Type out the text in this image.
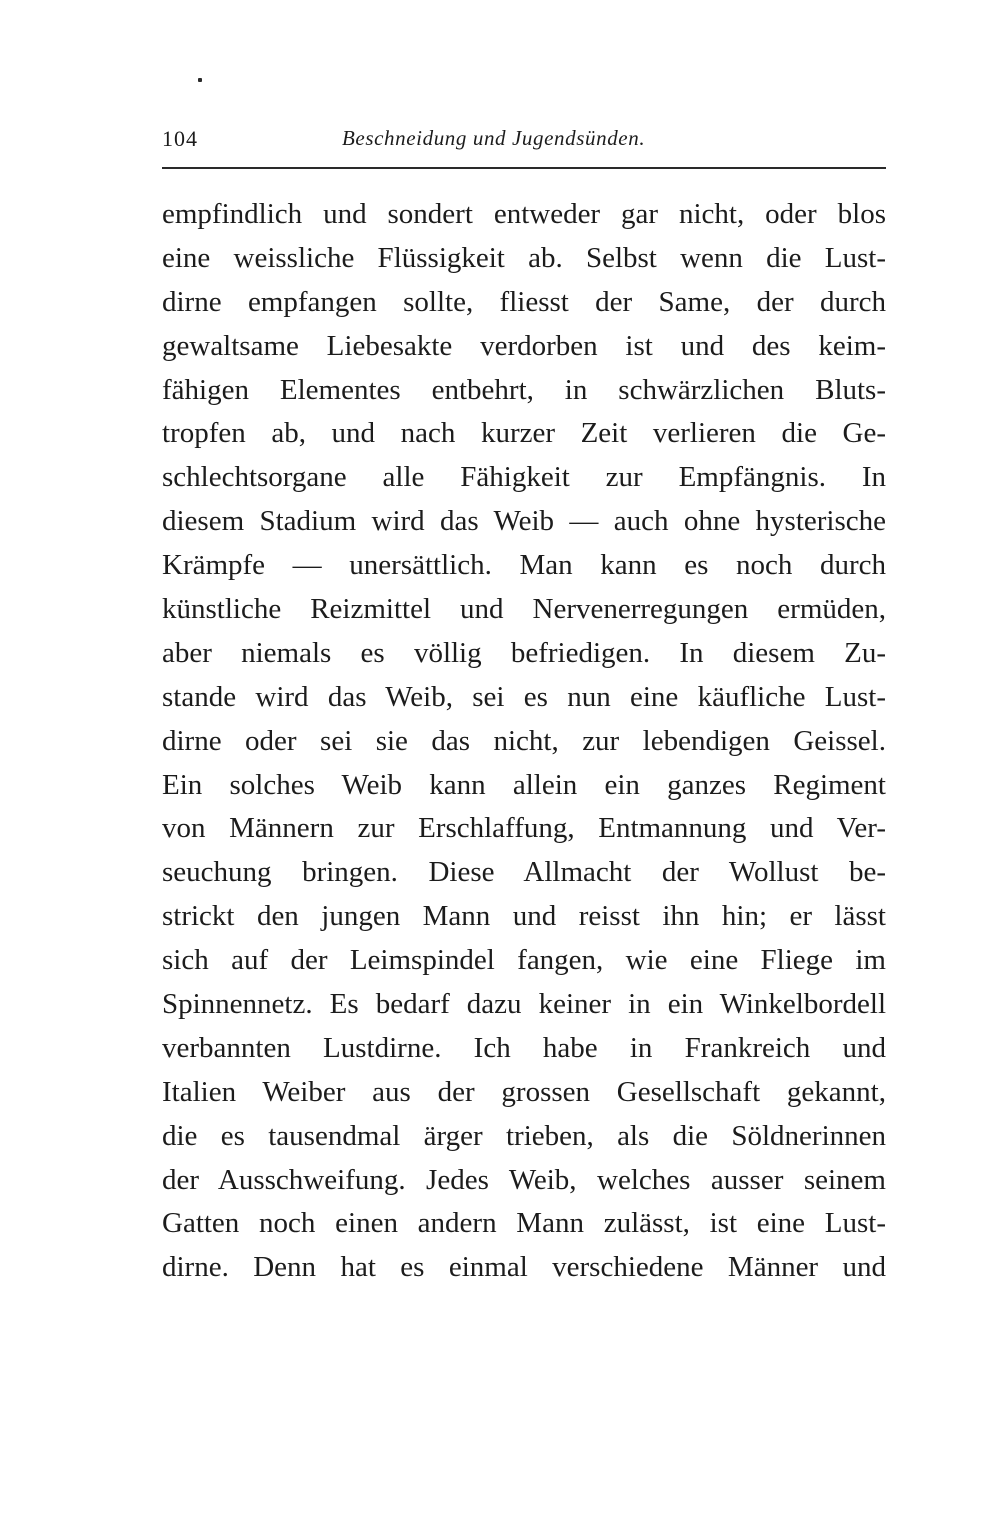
104	Beschneidung und Jugendsünden.
empfindlich und sondert entweder gar nicht, oder blos
eine weissliche Flüssigkeit ab. Selbst wenn die Lust-
dirne empfangen sollte, fliesst der Same, der durch
gewaltsame Liebesakte verdorben ist und des keim-
fähigen Elementes entbehrt, in schwärzlichen Bluts-
tropfen ab, und nach kurzer Zeit verlieren die Ge-
schlechtsorgane alle Fähigkeit zur Empfängnis. In
diesem Stadium wird das Weib — auch ohne hysterische
Krämpfe — unersättlich. Man kann es noch durch
künstliche Reizmittel und Nervenerregungen ermüden,
aber niemals es völlig befriedigen. In diesem Zu-
stande wird das Weib, sei es nun eine käufliche Lust-
dirne oder sei sie das nicht, zur lebendigen Geissel.
Ein solches Weib kann allein ein ganzes Regiment
von Männern zur Erschlaffung, Entmannung und Ver-
seuchung bringen. Diese Allmacht der Wollust be-
strickt den jungen Mann und reisst ihn hin; er lässt
sich auf der Leimspindel fangen, wie eine Fliege im
Spinnennetz. Es bedarf dazu keiner in ein Winkelbordell
verbannten Lustdirne. Ich habe in Frankreich und
Italien Weiber aus der grossen Gesellschaft gekannt,
die es tausendmal ärger trieben, als die Söldnerinnen
der Ausschweifung. Jedes Weib, welches ausser seinem
Gatten noch einen andern Mann zulässt, ist eine Lust-
dirne. Denn hat es einmal verschiedene Männer und
